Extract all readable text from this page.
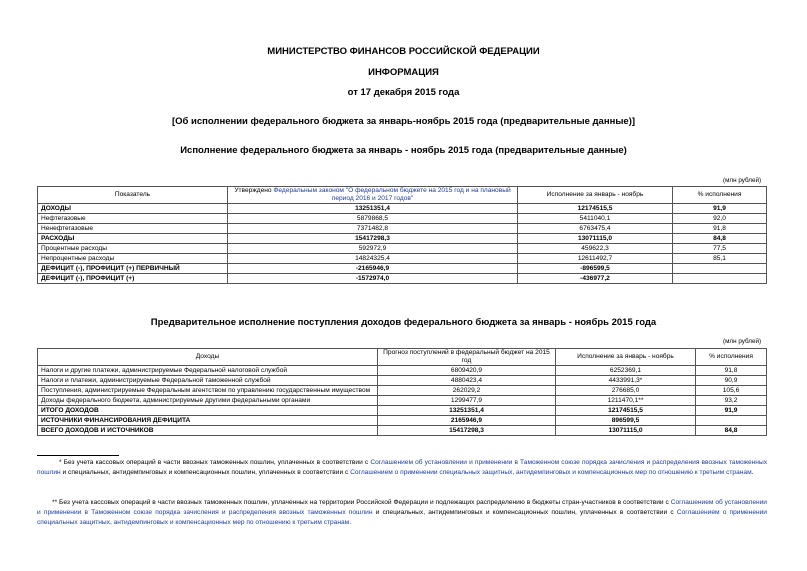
МИНИСТЕРСТВО ФИНАНСОВ РОССИЙСКОЙ ФЕДЕРАЦИИ
ИНФОРМАЦИЯ
от 17 декабря 2015 года
[Об исполнении федерального бюджета за январь-ноябрь 2015 года (предварительные данные)]
Исполнение федерального бюджета за январь - ноябрь 2015 года (предварительные данные)
(млн рублей)
Показатель	Утверждено Федеральным законом "О федеральном бюджете на 2015 год и на плановый период 2016 и 2017 годов"	Исполнение за январь - ноябрь	% исполнения
ДОХОДЫ	13251351,4	12174515,5	91,9
Нефтегазовые	5879868,5	5411040,1	92,0
Ненефтегазовые	7371482,8	6763475,4	91,8
РАСХОДЫ	15417298,3	13071115,0	84,8
Процентные расходы	592972,9	459622,3	77,5
Непроцентные расходы	14824325,4	12611492,7	85,1
ДЕФИЦИТ (-), ПРОФИЦИТ (+) ПЕРВИЧНЫЙ	-2165946,9	-896599,5	
ДЕФИЦИТ (-), ПРОФИЦИТ (+)	-1572974,0	-436977,2	
Предварительное исполнение поступления доходов федерального бюджета за январь - ноябрь 2015 года
(млн рублей)
Доходы	Прогноз поступлений в федеральный бюджет на 2015 год	Исполнение за январь - ноябрь	% исполнения
Налоги и другие платежи, администрируемые Федеральной налоговой службой	6809420,9	6252369,1	91,8
Налоги и платежи, администрируемые Федеральной таможенной службой	4880423,4	4433991,3*	90,9
Поступления, администрируемые Федеральным агентством по управлению государственным имуществом	262029,2	276685,0	105,6
Доходы федерального бюджета, администрируемые другими федеральными органами	1299477,9	1211470,1**	93,2
ИТОГО ДОХОДОВ	13251351,4	12174515,5	91,9
ИСТОЧНИКИ ФИНАНСИРОВАНИЯ ДЕФИЦИТА	2165946,9	896599,5	
ВСЕГО ДОХОДОВ И ИСТОЧНИКОВ	15417298,3	13071115,0	84,8
* Без учета кассовых операций в части ввозных таможенных пошлин, уплаченных в соответствии с Соглашением об установлении и применении в Таможенном союзе порядка зачисления и распределения ввозных таможенных пошлин и специальных, антидемпинговых и компенсационных пошлин, уплаченных в соответствии с Соглашением о применении специальных защитных, антидемпинговых и компенсационных мер по отношению к третьим странам.
** Без учета кассовых операций в части ввозных таможенных пошлин, уплаченных на территории Российской Федерации и подлежащих распределению в бюджеты стран-участников в соответствии с Соглашением об установлении и применении в Таможенном союзе порядка зачисления и распределения ввозных таможенных пошлин и специальных, антидемпинговых и компенсационных пошлин, уплаченных в соответствии с Соглашением о применении специальных защитных, антидемпинговых и компенсационных мер по отношению к третьим странам.
